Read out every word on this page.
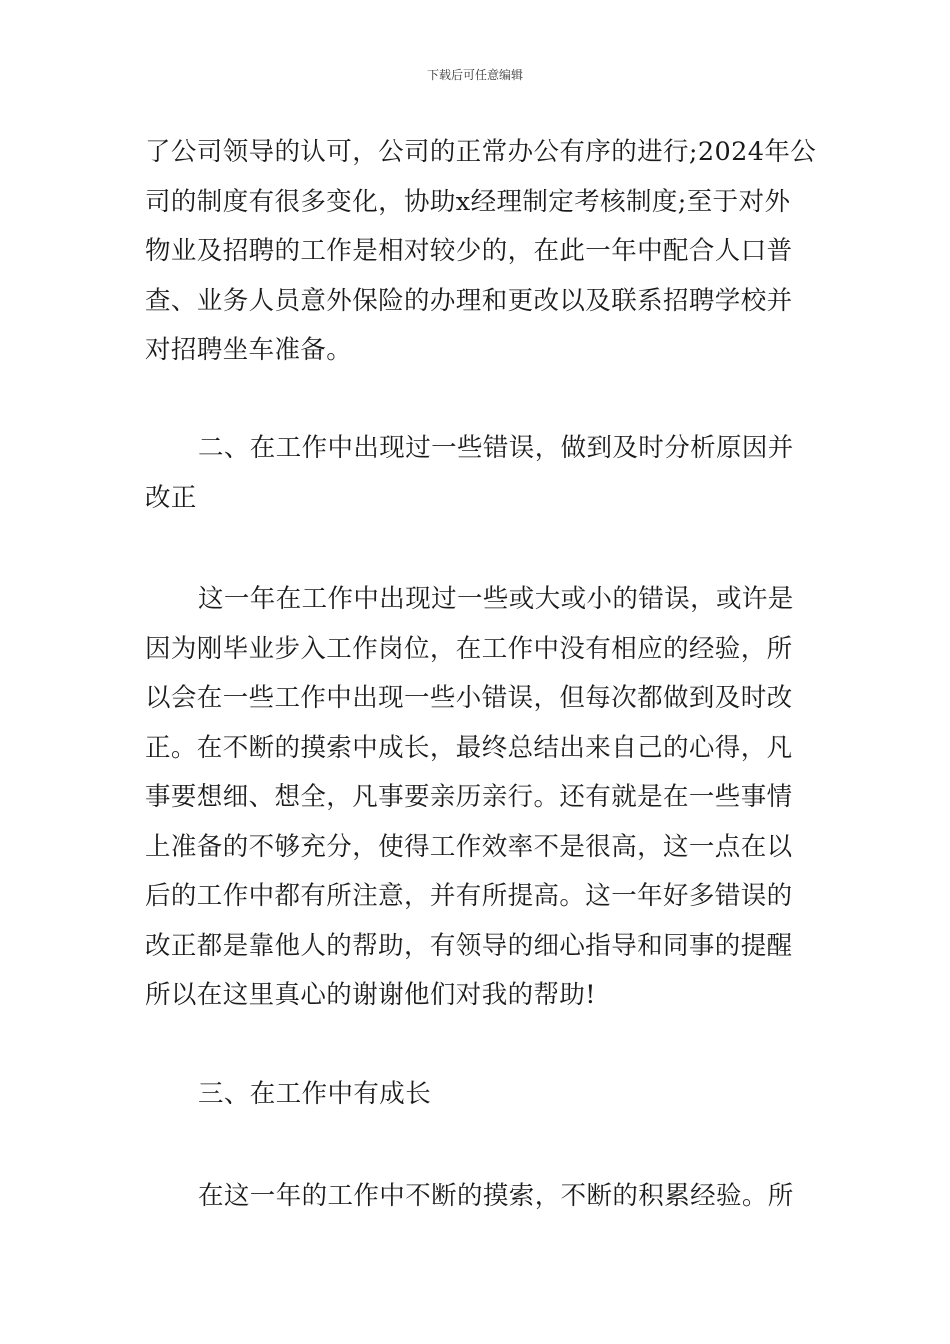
下载后可任意编辑
了公司领导的认可，公司的正常办公有序的进行;2024年公
司的制度有很多变化，协助x经理制定考核制度;至于对外
物业及招聘的工作是相对较少的，在此一年中配合人口普
查、业务人员意外保险的办理和更改以及联系招聘学校并
对招聘坐车准备。
二、在工作中出现过一些错误，做到及时分析原因并
改正
这一年在工作中出现过一些或大或小的错误，或许是
因为刚毕业步入工作岗位，在工作中没有相应的经验，所
以会在一些工作中出现一些小错误，但每次都做到及时改
正。在不断的摸索中成长，最终总结出来自己的心得，凡
事要想细、想全，凡事要亲历亲行。还有就是在一些事情
上准备的不够充分，使得工作效率不是很高，这一点在以
后的工作中都有所注意，并有所提高。这一年好多错误的
改正都是靠他人的帮助，有领导的细心指导和同事的提醒
所以在这里真心的谢谢他们对我的帮助!
三、在工作中有成长
在这一年的工作中不断的摸索，不断的积累经验。所
